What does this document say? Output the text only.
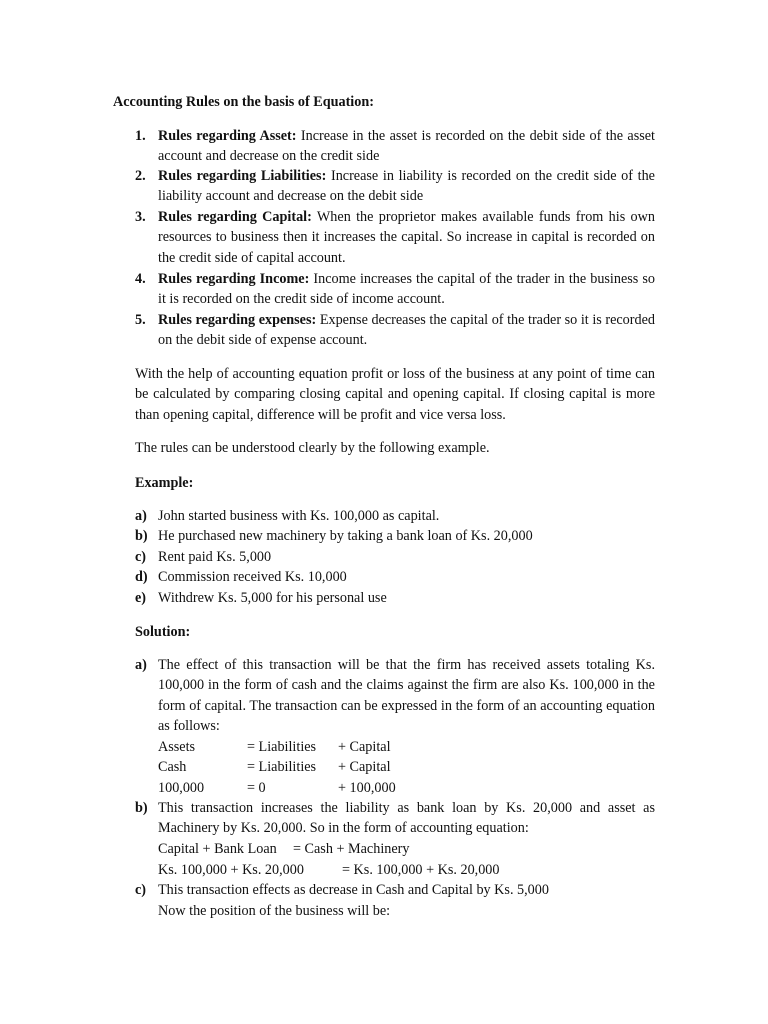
Accounting Rules on the basis of Equation:
1. Rules regarding Asset: Increase in the asset is recorded on the debit side of the asset account and decrease on the credit side
2. Rules regarding Liabilities: Increase in liability is recorded on the credit side of the liability account and decrease on the debit side
3. Rules regarding Capital: When the proprietor makes available funds from his own resources to business then it increases the capital. So increase in capital is recorded on the credit side of capital account.
4. Rules regarding Income: Income increases the capital of the trader in the business so it is recorded on the credit side of income account.
5. Rules regarding expenses: Expense decreases the capital of the trader so it is recorded on the debit side of expense account.
With the help of accounting equation profit or loss of the business at any point of time can be calculated by comparing closing capital and opening capital. If closing capital is more than opening capital, difference will be profit and vice versa loss.
The rules can be understood clearly by the following example.
Example:
a) John started business with Ks. 100,000 as capital.
b) He purchased new machinery by taking a bank loan of Ks. 20,000
c) Rent paid Ks. 5,000
d) Commission received Ks. 10,000
e) Withdrew Ks. 5,000 for his personal use
Solution:
a) The effect of this transaction will be that the firm has received assets totaling Ks. 100,000 in the form of cash and the claims against the firm are also Ks. 100,000 in the form of capital. The transaction can be expressed in the form of an accounting equation as follows:
Assets	= Liabilities + Capital
Cash	= Liabilities + Capital
100,000	= 0	+ 100,000
b) This transaction increases the liability as bank loan by Ks. 20,000 and asset as Machinery by Ks. 20,000. So in the form of accounting equation:
Capital + Bank Loan = Cash + Machinery
Ks. 100,000 + Ks. 20,000	= Ks. 100,000 + Ks. 20,000
c) This transaction effects as decrease in Cash and Capital by Ks. 5,000
Now the position of the business will be:
